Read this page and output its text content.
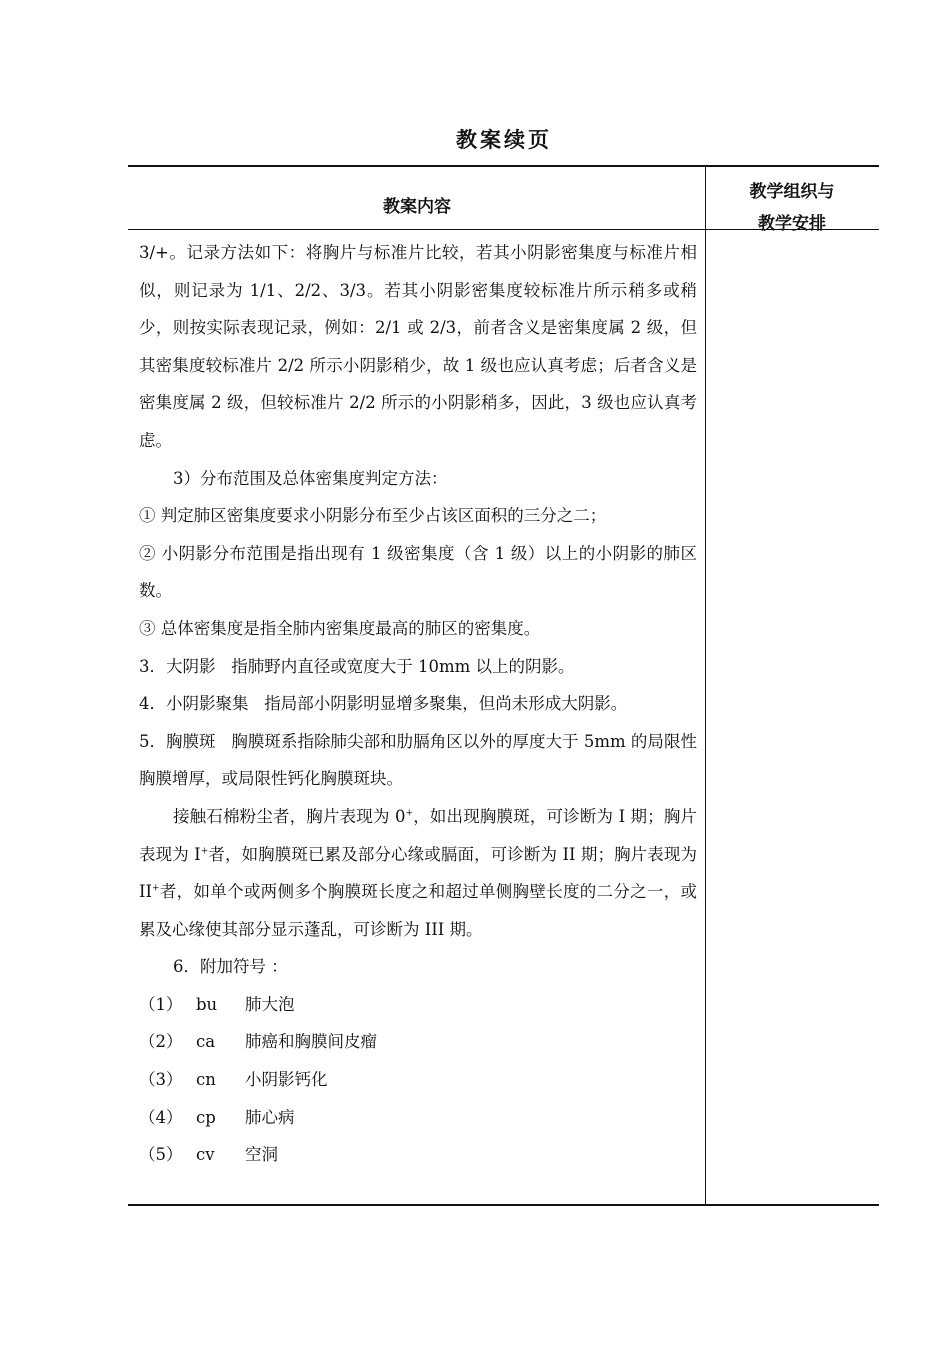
教案续页
教案内容
教学组织与
教学安排

3/+。记录方法如下：将胸片与标准片比较，若其小阴影密集度与标准片相似，则记录为 1/1、2/2、3/3。若其小阴影密集度较标准片所示稍多或稍少，则按实际表现记录，例如：2/1 或 2/3，前者含义是密集度属 2 级，但其密集度较标准片 2/2 所示小阴影稍少，故 1 级也应认真考虑；后者含义是密集度属 2 级，但较标准片 2/2 所示的小阴影稍多，因此，3 级也应认真考虑。

3）分布范围及总体密集度判定方法：

① 判定肺区密集度要求小阴影分布至少占该区面积的三分之二；

② 小阴影分布范围是指出现有 1 级密集度（含 1 级）以上的小阴影的肺区数。

③ 总体密集度是指全肺内密集度最高的肺区的密集度。

3．大阴影 指肺野内直径或宽度大于 10mm 以上的阴影。

4．小阴影聚集 指局部小阴影明显增多聚集，但尚未形成大阴影。

5．胸膜斑 胸膜斑系指除肺尖部和肋膈角区以外的厚度大于 5mm 的局限性胸膜增厚，或局限性钙化胸膜斑块。

接触石棉粉尘者，胸片表现为 0+，如出现胸膜斑，可诊断为 I 期；胸片表现为 I+者，如胸膜斑已累及部分心缘或膈面，可诊断为 II 期；胸片表现为 II+者，如单个或两侧多个胸膜斑长度之和超过单侧胸壁长度的二分之一，或累及心缘使其部分显示蓬乱，可诊断为 III 期。

6．附加符号 ：

（1） bu	肺大泡
（2） ca	肺癌和胸膜间皮瘤
（3） cn	小阴影钙化
（4） cp	肺心病
（5） cv	空洞
